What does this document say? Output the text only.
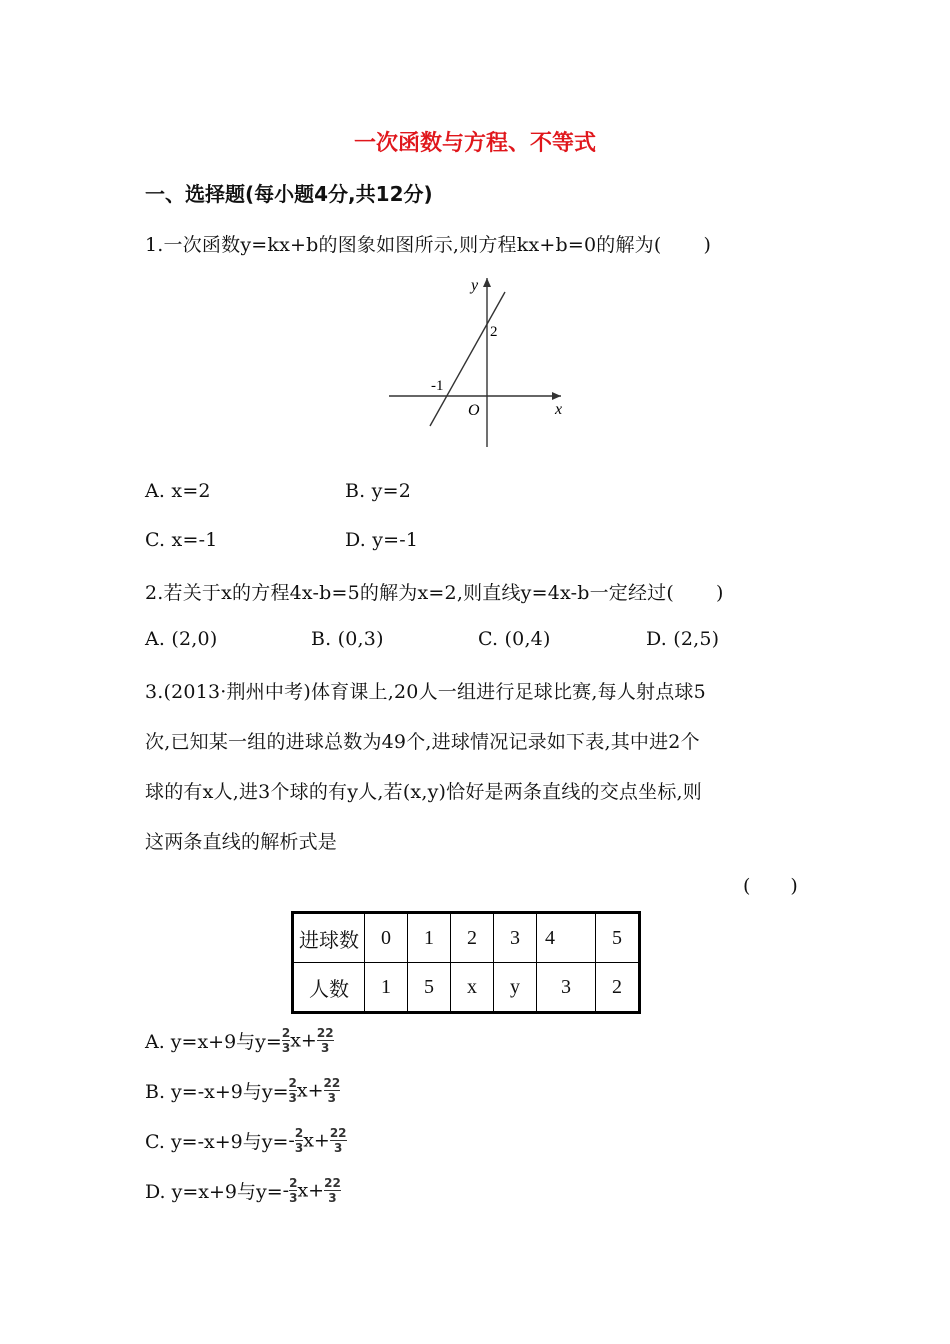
一次函数与方程、不等式
一、选择题(每小题4分,共12分)
1.一次函数y=kx+b的图象如图所示,则方程kx+b=0的解为( )
y
x
O
2
-1
A. x=2	B. y=2
C. x=-1	D. y=-1
2.若关于x的方程4x-b=5的解为x=2,则直线y=4x-b一定经过( )
A. (2,0)	B. (0,3)	C. (0,4)	D. (2,5)
3.(2013·荆州中考)体育课上,20人一组进行足球比赛,每人射点球5
次,已知某一组的进球总数为49个,进球情况记录如下表,其中进2个
球的有x人,进3个球的有y人,若(x,y)恰好是两条直线的交点坐标,则
这两条直线的解析式是
( )
进球数	0	1	2	3	4	5
人数	1	5	x	y	3	2
A. y=x+9与$y= \frac{2}{3} x+ \frac{22}{3}$
B. y=-x+9与$y= \frac{2}{3} x+ \frac{22}{3}$
C. y=-x+9与$y=- \frac{2}{3} x+ \frac{22}{3}$
D. y=x+9与$y=- \frac{2}{3} x+ \frac{22}{3}$
